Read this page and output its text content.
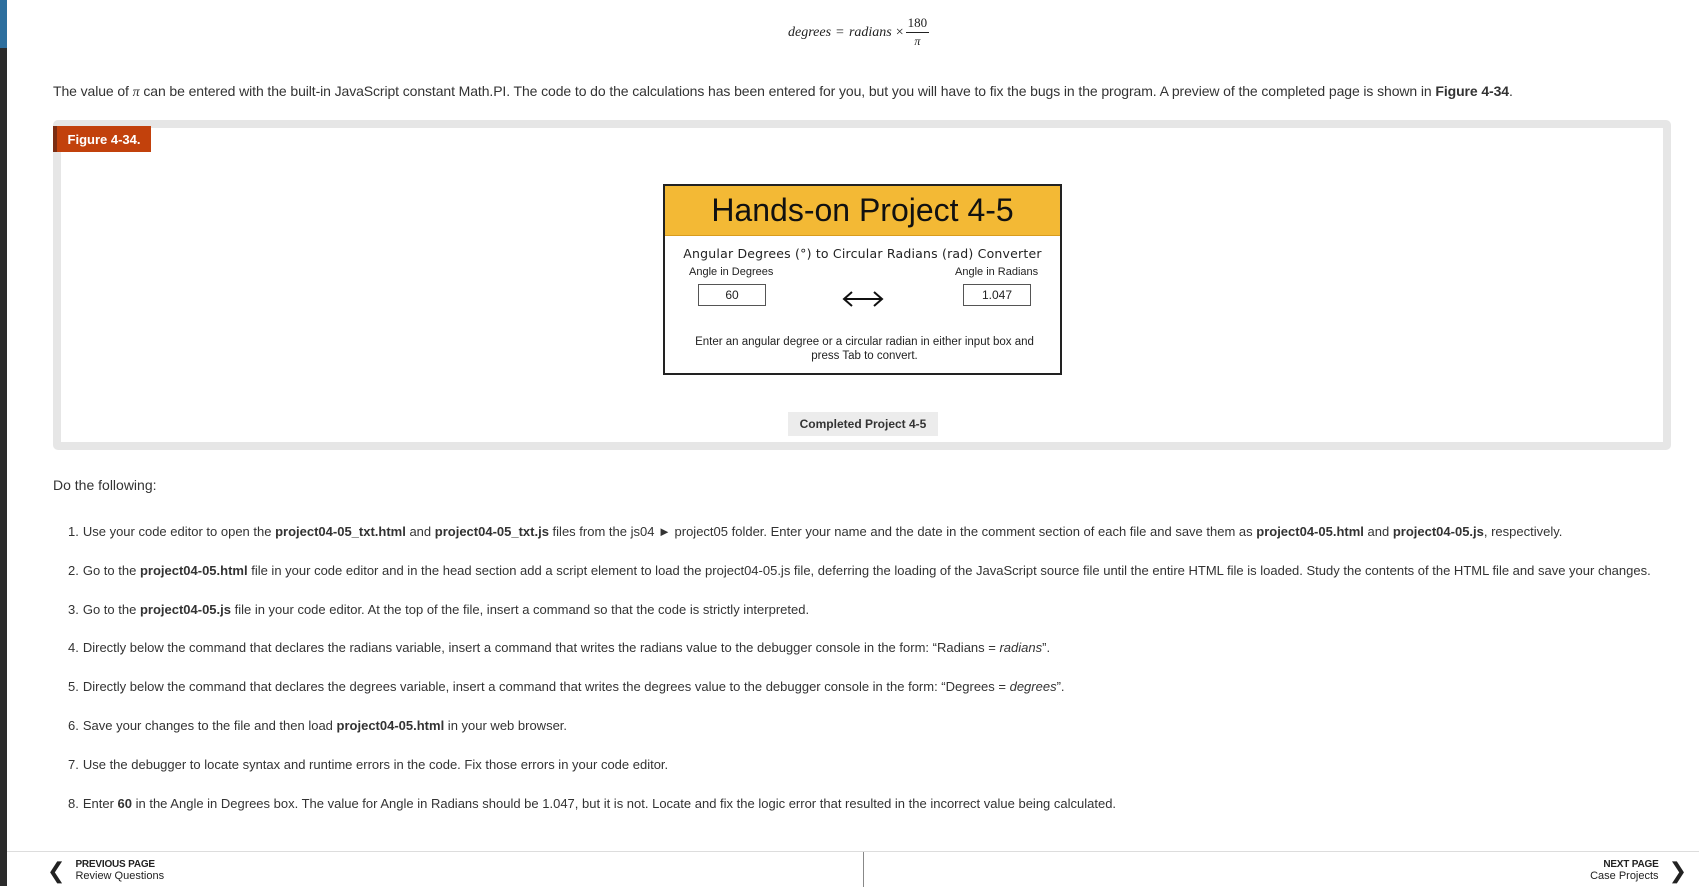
degrees = radians × $\frac{180}{\pi}$
The value of π can be entered with the built-in JavaScript constant Math.PI. The code to do the calculations has been entered for you, but you will have to fix the bugs in the program. A preview of the completed page is shown in Figure 4-34.
Figure 4-34.
Hands-on Project 4-5
Angular Degrees (°) to Circular Radians (rad) Converter
Angle in Degrees
60
Angle in Radians
1.047
Enter an angular degree or a circular radian in either input box and press Tab to convert.
Completed Project 4-5
Do the following:
1. Use your code editor to open the project04-05_txt.html and project04-05_txt.js files from the js04 ► project05 folder. Enter your name and the date in the comment section of each file and save them as project04-05.html and project04-05.js, respectively.
2. Go to the project04-05.html file in your code editor and in the head section add a script element to load the project04-05.js file, deferring the loading of the JavaScript source file until the entire HTML file is loaded. Study the contents of the HTML file and save your changes.
3. Go to the project04-05.js file in your code editor. At the top of the file, insert a command so that the code is strictly interpreted.
4. Directly below the command that declares the radians variable, insert a command that writes the radians value to the debugger console in the form: “Radians = radians”.
5. Directly below the command that declares the degrees variable, insert a command that writes the degrees value to the debugger console in the form: “Degrees = degrees”.
6. Save your changes to the file and then load project04-05.html in your web browser.
7. Use the debugger to locate syntax and runtime errors in the code. Fix those errors in your code editor.
8. Enter 60 in the Angle in Degrees box. The value for Angle in Radians should be 1.047, but it is not. Locate and fix the logic error that resulted in the incorrect value being calculated.
❮ PREVIOUS PAGE
Review Questions
NEXT PAGE
Case Projects ❯
